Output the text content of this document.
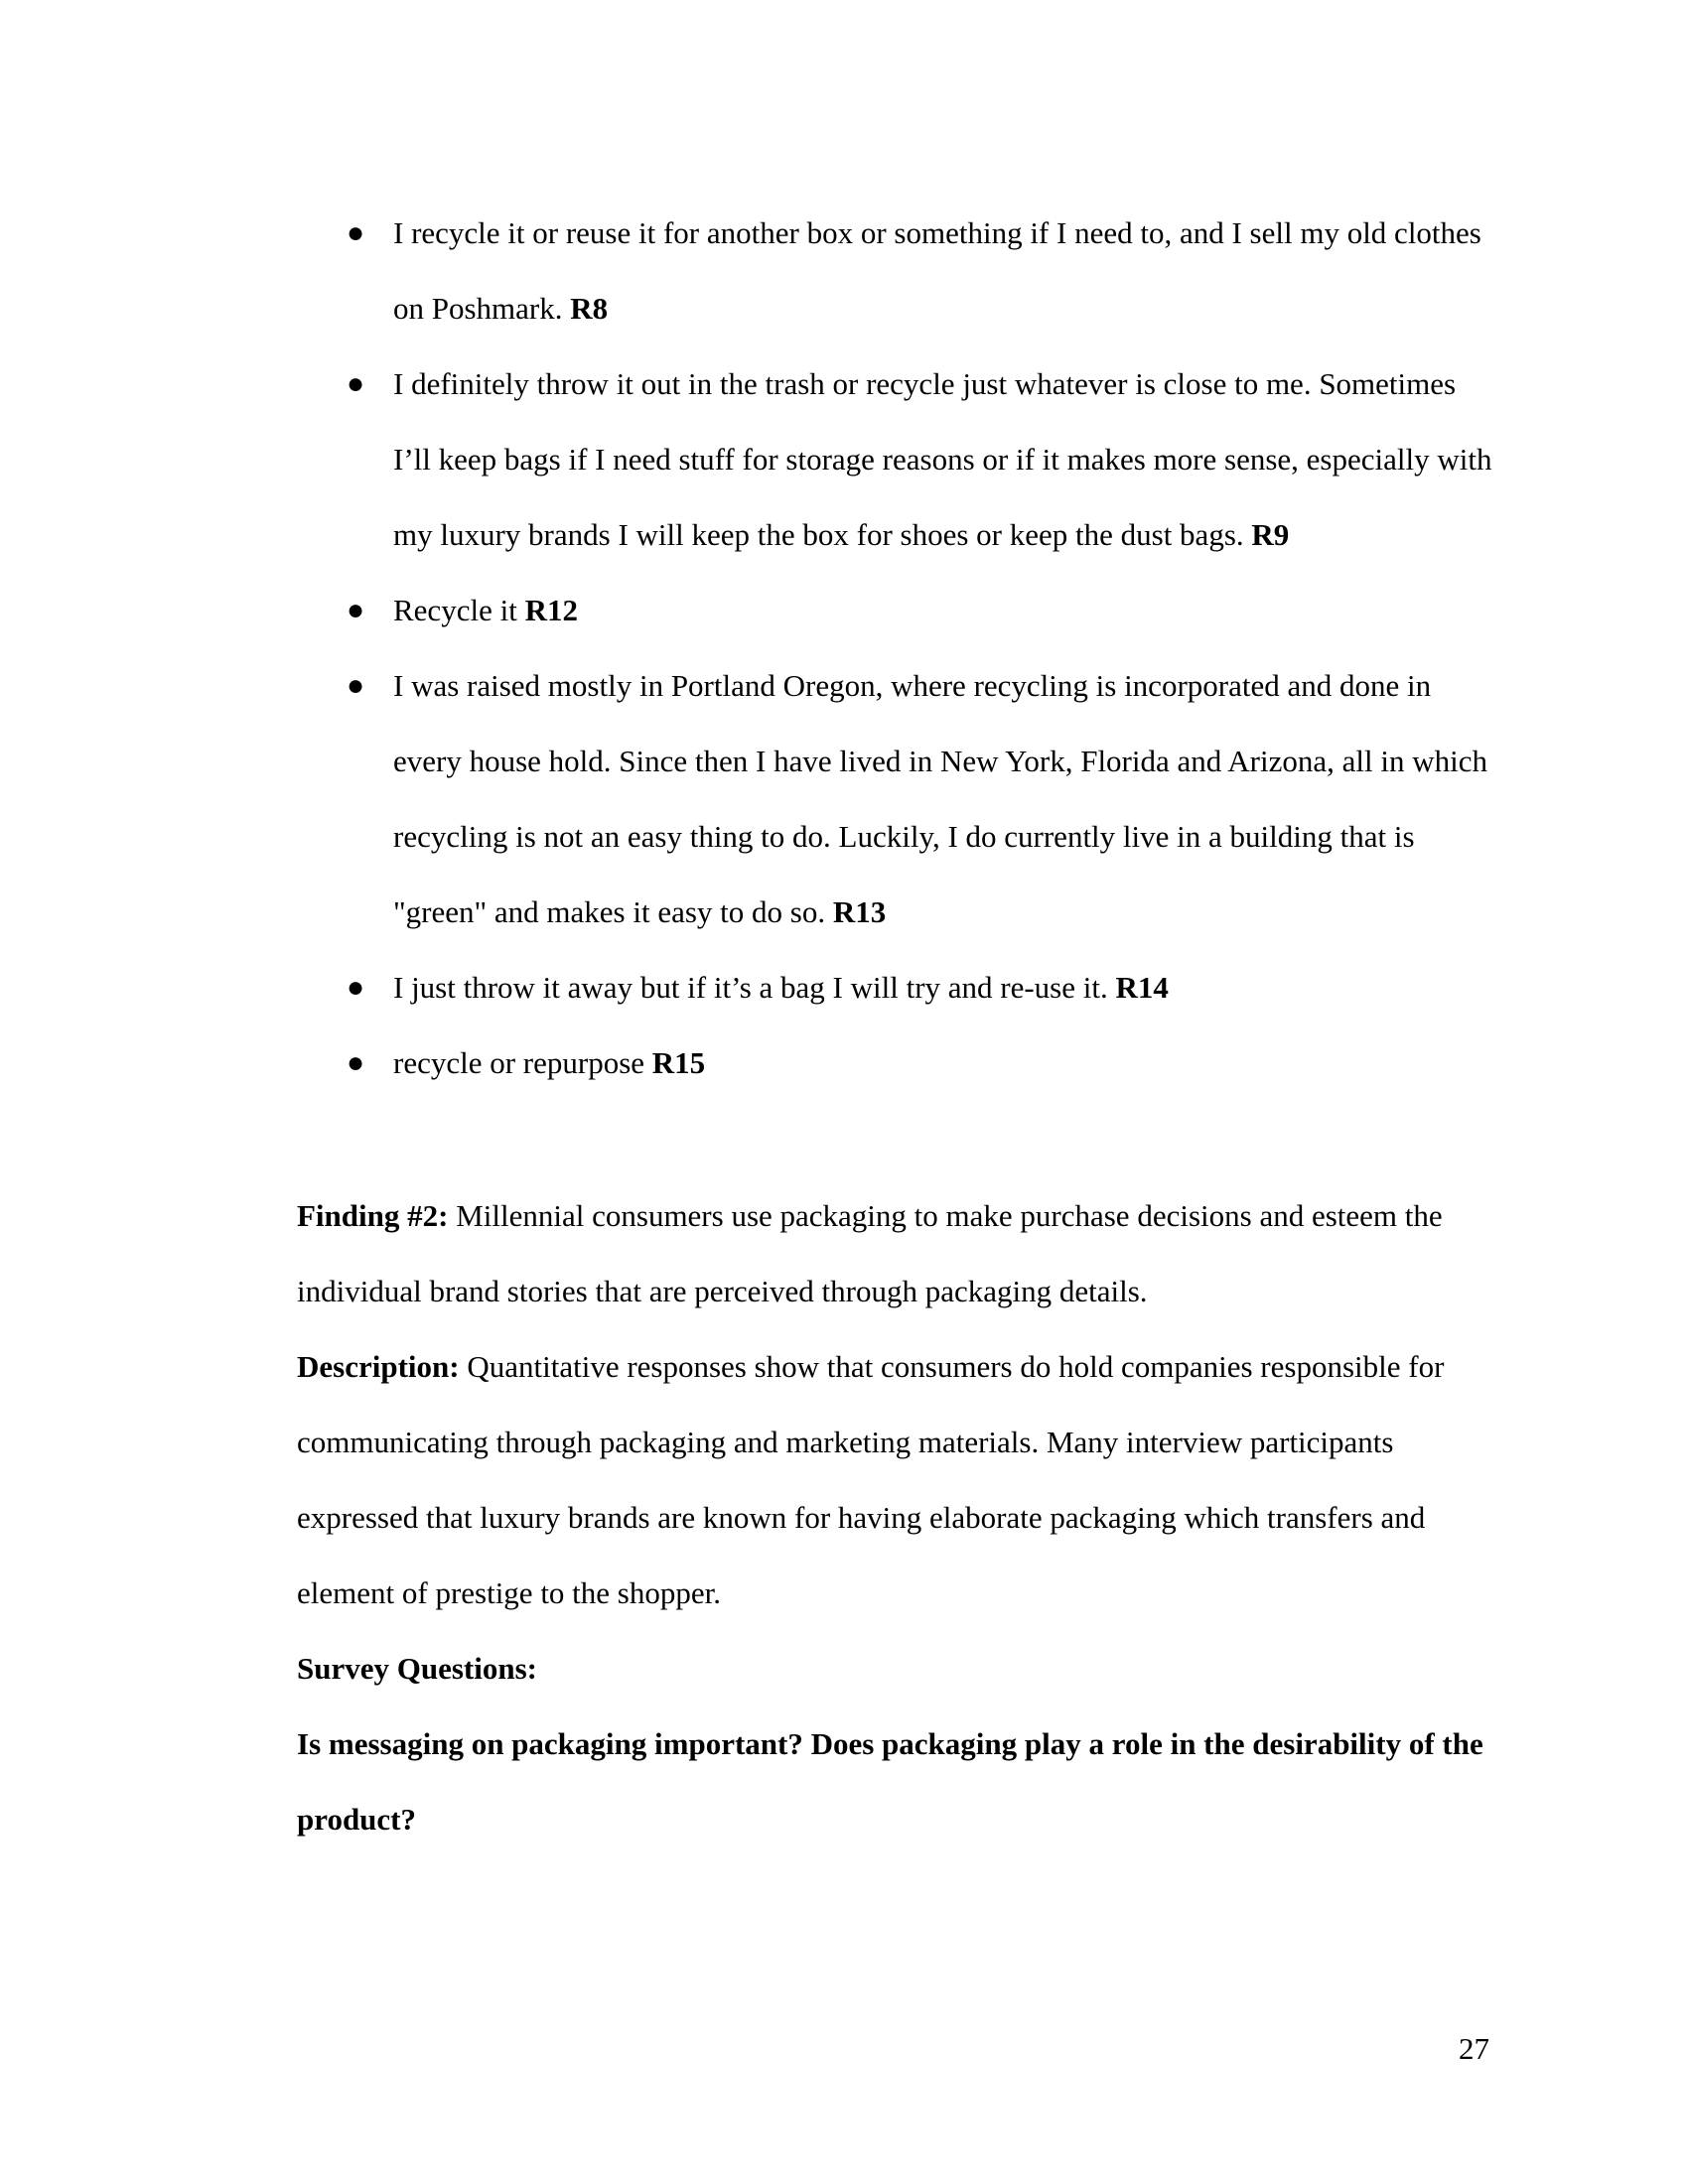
● I recycle it or reuse it for another box or something if I need to, and I sell my old clothes on Poshmark. R8
● I definitely throw it out in the trash or recycle just whatever is close to me. Sometimes I’ll keep bags if I need stuff for storage reasons or if it makes more sense, especially with my luxury brands I will keep the box for shoes or keep the dust bags. R9
● Recycle it R12
● I was raised mostly in Portland Oregon, where recycling is incorporated and done in every house hold. Since then I have lived in New York, Florida and Arizona, all in which recycling is not an easy thing to do. Luckily, I do currently live in a building that is "green" and makes it easy to do so. R13
● I just throw it away but if it’s a bag I will try and re-use it. R14
● recycle or repurpose R15

Finding #2: Millennial consumers use packaging to make purchase decisions and esteem the individual brand stories that are perceived through packaging details.

Description: Quantitative responses show that consumers do hold companies responsible for communicating through packaging and marketing materials. Many interview participants expressed that luxury brands are known for having elaborate packaging which transfers and element of prestige to the shopper.

Survey Questions:

Is messaging on packaging important? Does packaging play a role in the desirability of the product?

27
